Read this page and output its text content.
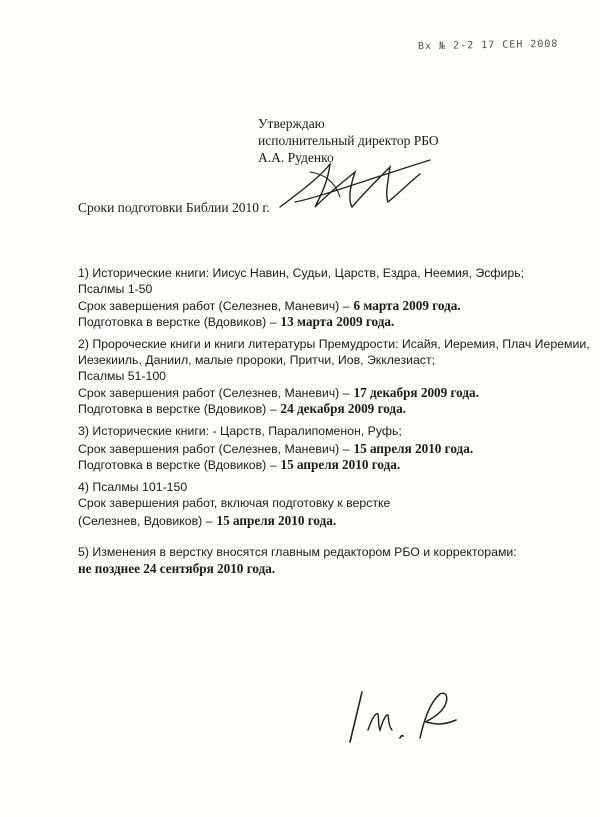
Вх № 2-2 17 СЕН 2008
Утверждаю
исполнительный директор РБО
А.А. Руденко
Сроки подготовки Библии 2010 г.
1) Исторические книги: Иисус Навин, Судьи, Царств, Ездра, Неемия, Эсфирь;
Псалмы 1-50
Срок завершения работ (Селезнев, Маневич) – 6 марта 2009 года.
Подготовка в верстке (Вдовиков) – 13 марта 2009 года.
2) Пророческие книги и книги литературы Премудрости: Исайя, Иеремия, Плач Иеремии,
Иезекииль, Даниил, малые пророки, Притчи, Иов, Экклезиаст;
Псалмы 51-100
Срок завершения работ (Селезнев, Маневич) – 17 декабря 2009 года.
Подготовка в верстке (Вдовиков) – 24 декабря 2009 года.
3) Исторические книги: - Царств, Паралипоменон, Руфь;
Срок завершения работ (Селезнев, Маневич) – 15 апреля 2010 года.
Подготовка в верстке (Вдовиков) – 15 апреля 2010 года.
4) Псалмы 101-150
Срок завершения работ, включая подготовку к верстке
(Селезнев, Вдовиков) – 15 апреля 2010 года.
5) Изменения в верстку вносятся главным редактором РБО и корректорами:
не позднее 24 сентября 2010 года.
